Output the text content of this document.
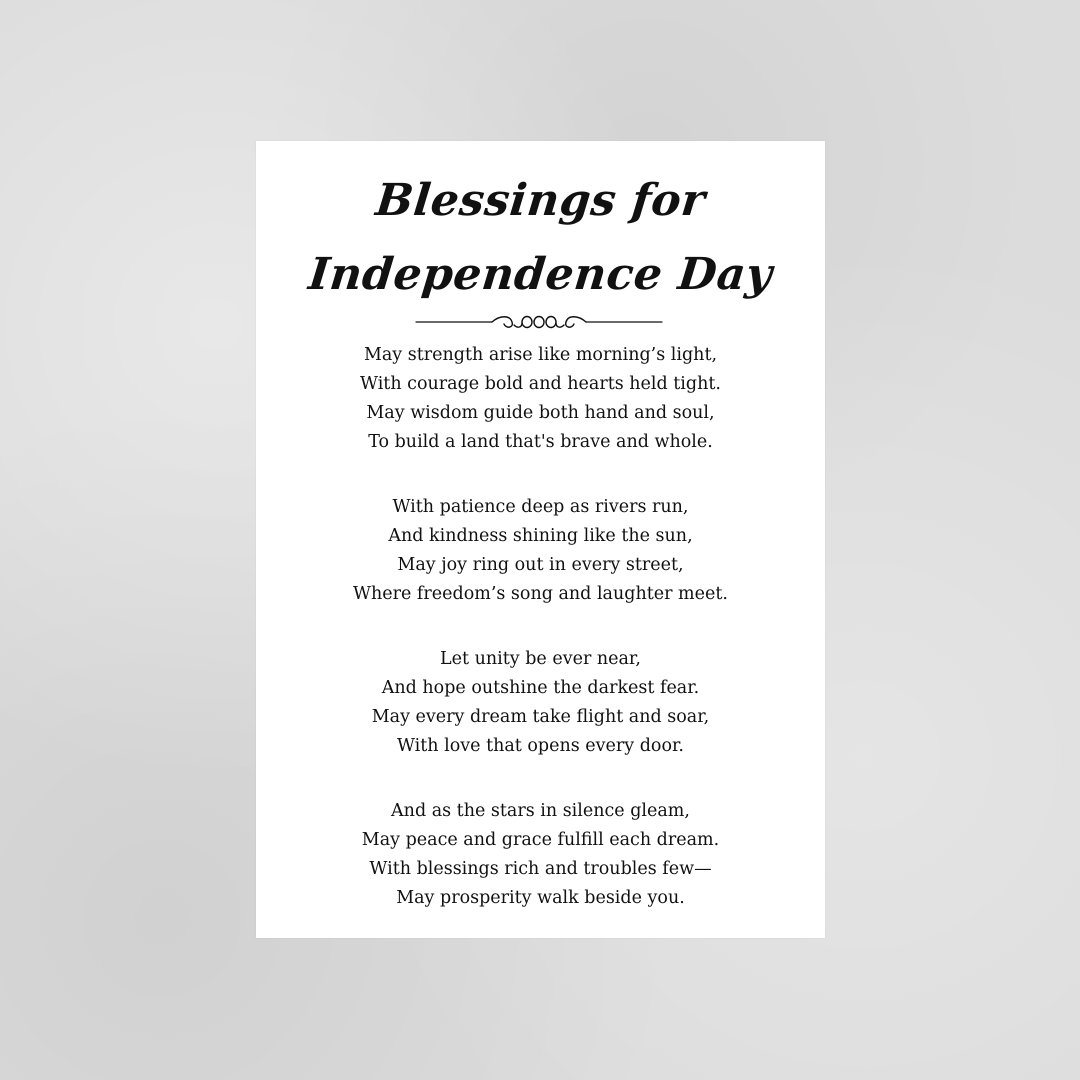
Blessings for
Independence Day
May strength arise like morning’s light,
With courage bold and hearts held tight.
May wisdom guide both hand and soul,
To build a land that's brave and whole.
With patience deep as rivers run,
And kindness shining like the sun,
May joy ring out in every street,
Where freedom’s song and laughter meet.
Let unity be ever near,
And hope outshine the darkest fear.
May every dream take flight and soar,
With love that opens every door.
And as the stars in silence gleam,
May peace and grace fulfill each dream.
With blessings rich and troubles few—
May prosperity walk beside you.
